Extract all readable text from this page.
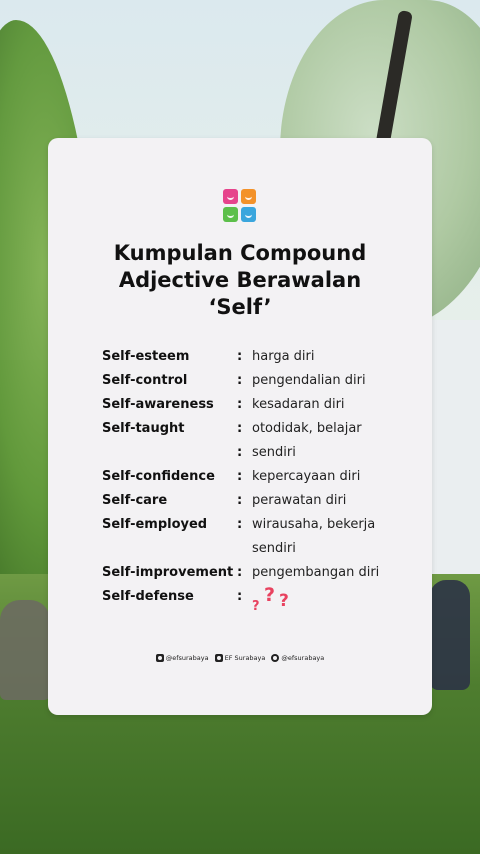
Kumpulan Compound
Adjective Berawalan
‘Self’
Self-esteem	: harga diri
Self-control	: pengendalian diri
Self-awareness : kesadaran diri
Self-taught	: otodidak, belajar
: sendiri
Self-confidence : kepercayaan diri
Self-care	: perawatan diri
Self-employed : wirausaha, bekerja
sendiri
Self-improvement : pengembangan diri
Self-defense	:
?
? ?
@efsurabaya EF Surabaya @efsurabaya
